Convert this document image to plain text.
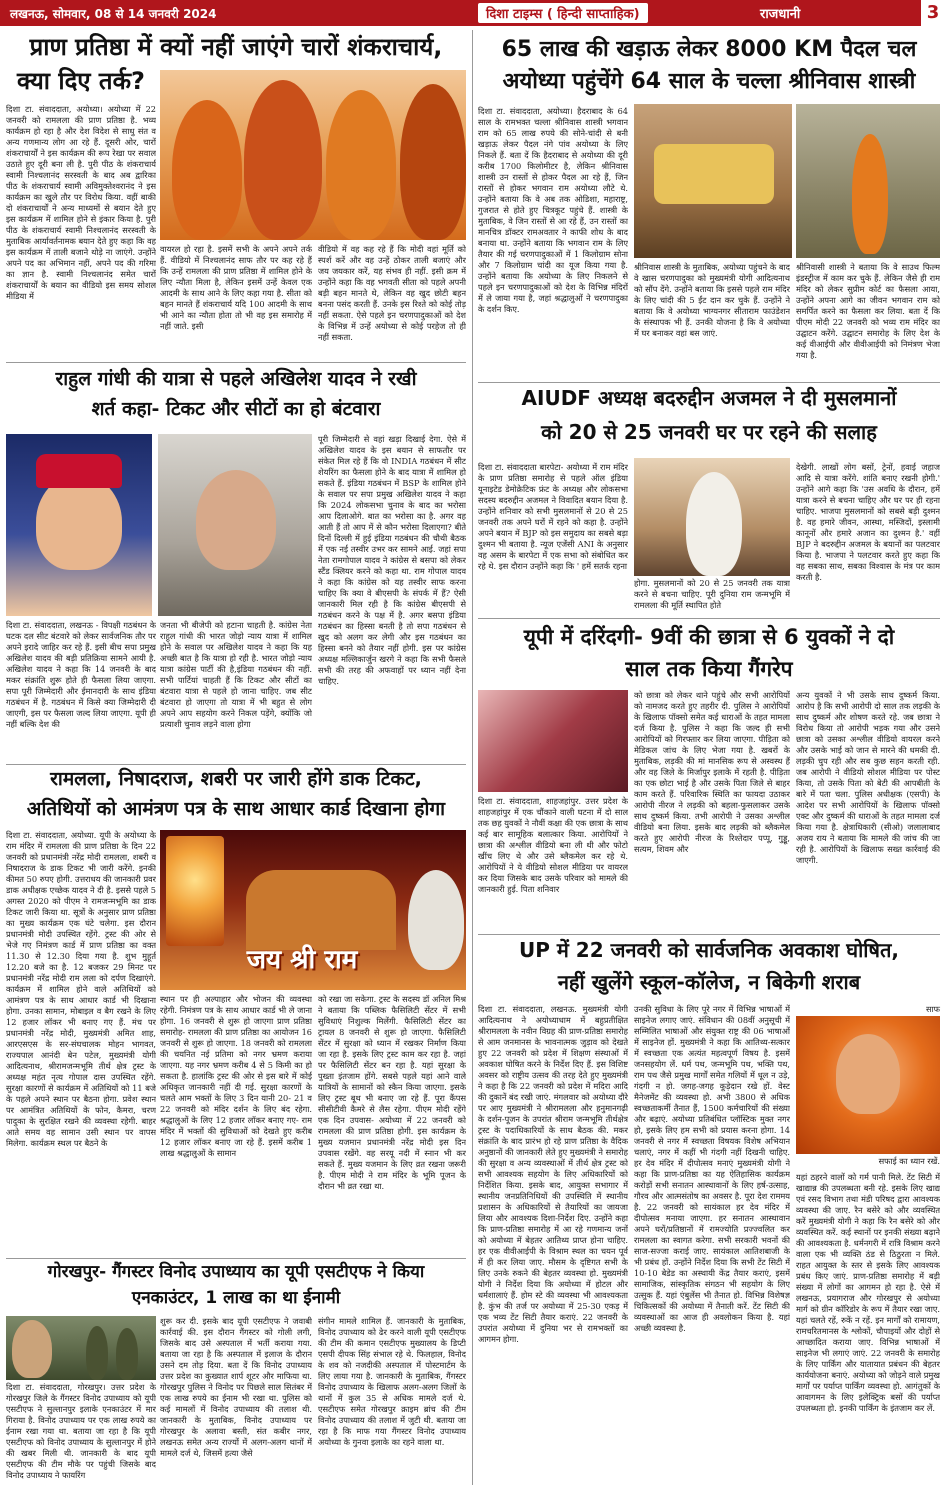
लखनऊ, सोमवार, 08 से 14 जनवरी 2024	दिशा टाइम्स ( हिन्दी साप्ताहिक)	राजधानी	3
प्राण प्रतिष्ठा में क्यों नहीं जाएंगे चारों शंकराचार्य,
क्या दिए तर्क?
दिशा टा. संवाददाता, अयोध्या। अयोध्या में 22 जनवरी को रामलला की प्राण प्रतिष्ठा है. भव्य कार्यक्रम हो रहा है और देश विदेश से साधु संत व अन्य गणमान्य लोग आ रहे हैं. दूसरी ओर, चारों शंकराचार्यों ने इस कार्यक्रम की रूप रेखा पर सवाल उठाते हुए दूरी बना ली है. पुरी पीठ के शंकराचार्य स्वामी निश्चलानंद सरस्वती के बाद अब द्वारिका पीठ के शंकराचार्य स्वामी अविमुक्तेश्वरानंद ने इस कार्यक्रम का खुले तौर पर विरोध किया. वहीं बाकी दो शंकराचार्यों ने अन्य माध्यमों से बयान देते हुए इस कार्यक्रम में शामिल होने से इंकार किया है. पुरी पीठ के शंकराचार्य स्वामी निश्चलानंद सरस्वती के मुताबिक आर्यावर्तनामक बयान देते हुए कहा कि वह इस कार्यक्रम में ताली बजाने थोड़े ना जाएंगे. उन्होंने अपने पद का अभिमान नहीं, अपने पद की गरिमा का ज्ञान है. स्वामी निश्चलानंद समेत चारों शंकराचार्यों के बयान का वीडियो इस समय सोशल मीडिया में
वायरल हो रहा है. इसमें सभी के अपने अपने तर्क हैं. वीडियो में निश्चलानंद साफ तौर पर कह रहे हैं कि उन्हें रामलला की प्राण प्रतिष्ठा में शामिल होने के लिए न्यौता मिला है, लेकिन इसमें उन्हें केवल एक आदमी के साथ आने के लिए कहा गया है. सीता को बहन मानते हैं शंकराचार्य यदि 100 आदमी के साथ भी आने का न्यौता होता तो भी वह इस समारोह में नहीं जाते. इसी
वीडियो में वह कह रहे हैं कि मोदी वहां मूर्ति को स्पर्श करें और वह उन्हें ठोकर ताली बजाएं और जय जयकार करें, यह संभव ही नहीं. इसी क्रम में उन्होंने कहा कि वह भगवती सीता को पहले अपनी बड़ी बहन मानते थे, लेकिन वह खुद छोटी बहन बनना पसंद करती हैं. उनके इस रिश्ते को कोई तोड़ नहीं सकता. ऐसे पहले इन चरणपादुकाओं को देश के विभिन्न में उन्हें अयोध्या से कोई परहेज तो ही नहीं सकता.
65 लाख की खड़ाऊ लेकर 8000 KM पैदल चल
अयोध्या पहुंचेंगे 64 साल के चल्ला श्रीनिवास शास्त्री
दिशा टा. संवाददाता, अयोध्या। हैदराबाद के 64 साल के रामभक्त चल्ला श्रीनिवास शास्त्री भगवान राम को 65 लाख रुपये की सोने-चांदी से बनी खड़ाऊ लेकर पैदल नंगे पांव अयोध्या के लिए निकले हैं. बता दें कि हैदराबाद से अयोध्या की दूरी करीब 1700 किलोमीटर है, लेकिन श्रीनिवास शास्त्री उन रास्तों से होकर पैदल आ रहे हैं, जिन रास्तों से होकर भगवान राम अयोध्या लौटे थे. उन्होंने बताया कि वे अब तक ओडिशा, महाराष्ट्र, गुजरात से होते हुए चित्रकूट पहुंचे हैं. शास्त्री के मुताबिक, वे जिन रास्तों से आ रहे हैं, उन रास्तों का मानचित्र डॉक्टर रामअवतार ने काफी शोध के बाद बनाया था. उन्होंने बताया कि भगवान राम के लिए तैयार की गई चरणपादुकाओं में 1 किलोग्राम सोना और 7 किलोग्राम चांदी का यूज किया गया है. उन्होंने बताया कि अयोध्या के लिए निकलने से पहले इन चरणपादुकाओं को देश के विभिन्न मंदिरों में ले जाया गया है, जहां श्रद्धालुओं ने चरणपादुका के दर्शन किए.
श्रीनिवास शास्त्री के मुताबिक, अयोध्या पहुंचने के बाद वे खास चरणपादुका को मुख्यमंत्री योगी आदित्यनाथ को सौंप देंगे. उन्होंने बताया कि इससे पहले राम मंदिर के लिए चांदी की 5 ईंट दान कर चुके हैं. उन्होंने ने बताया कि वे अयोध्या भाग्यनगर सीताराम फाउंडेशन के संस्थापक भी हैं. उनकी योजना है कि वे अयोध्या में घर बनाकर वहां बस जाएं.
श्रीनिवासी शास्त्री ने बताया कि वे साउथ फिल्म इंडस्ट्रीज में काम कर चुके हैं. लेकिन जैसे ही राम मंदिर को लेकर सुप्रीम कोर्ट का फैसला आया, उन्होंने अपना आगे का जीवन भगवान राम को समर्पित करने का फैसला कर लिया. बता दें कि पीएम मोदी 22 जनवरी को भव्य राम मंदिर का उद्घाटन करेंगे. उद्घाटन समारोह के लिए देश के कई वीआईपी और वीवीआईपी को निमंत्रण भेजा गया है.
राहुल गांधी की यात्रा से पहले अखिलेश यादव ने रखी
शर्त कहा- टिकट और सीटों का हो बंटवारा
दिशा टा. संवाददाता, लखनऊ - विपक्षी गठबंधन के घटक दल सीट बंटवारे को लेकर सार्वजनिक तौर पर अपने इरादे जाहिर कर रहे हैं. इसी बीच सपा प्रमुख अखिलेश यादव की बड़ी प्रतिक्रिया सामने आयी है. अखिलेश यादव ने कहा कि 14 जनवरी के बाद मकर संक्रांति शुरू होते ही फैसला लिया जाएगा. सपा पूरी जिम्मेदारी और ईमानदारी के साथ इंडिया गठबंधन में है. गठबंधन में किसे क्या जिम्मेदारी दी जाएगी, इस पर फैसला जल्द लिया जाएगा. यूपी ही नहीं बल्कि देश की
जनता भी बीजेपी को हटाना चाहती है. कांग्रेस नेता राहुल गांधी की भारत जोड़ो न्याय यात्रा में शामिल होने के सवाल पर अखिलेश यादव ने कहा कि यह अच्छी बात है कि यात्रा हो रही है. भारत जोड़ो न्याय यात्रा कांग्रेस पार्टी की है,इंडिया गठबंधन की नहीं. सभी पार्टियां चाहती हैं कि टिकट और सीटों का बंटवारा यात्रा से पहले हो जाना चाहिए. जब सीट बंटवारा हो जाएगा तो यात्रा में भी बहुत से लोग अपने आप सहयोग करने निकल पड़ेंगे, क्योंकि जो प्रत्याशी चुनाव लड़ने वाला होगा
पूरी जिम्मेदारी से वहां खड़ा दिखाई देगा. ऐसे में अखिलेश यादव के इस बयान से साफतौर पर संकेत मिल रहे हैं कि वो INDIA गठबंधन में सीट शेयरिंग का फैसला होने के बाद यात्रा में शामिल हो सकते हैं. इंडिया गठबंधन में BSP के शामिल होने के सवाल पर सपा प्रमुख अखिलेश यादव ने कहा कि 2024 लोकसभा चुनाव के बाद का भरोसा आप दिलाओगे. बात का भरोसा का है. अगर वह आती हैं तो आप में से कौन भरोसा दिलाएगा? बीते दिनों दिल्ली में हुई इंडिया गठबंधन की चौथी बैठक में एक नई तस्वीर उभर कर सामने आई. जहां सपा नेता रामगोपाल यादव ने कांग्रेस से बसपा को लेकर स्टैंड क्लियर करने को कहा था. राम गोपाल यादव ने कहा कि कांग्रेस को यह तस्वीर साफ करना चाहिए कि क्या वे बीएसपी के संपर्क में हैं? ऐसी जानकारी मिल रही है कि कांग्रेस बीएसपी से गठबंधन करने के पक्ष में है. अगर बसपा इंडिया गठबंधन का हिस्सा बनती है तो सपा गठबंधन से खुद को अलग कर लेगी और इस गठबंधन का हिस्सा बनने को तैयार नहीं होगी. इस पर कांग्रेस अध्यक्ष मल्लिकार्जुन खरगे ने कहा कि सभी फैसले सभी की तरह की अफवाहों पर ध्यान नहीं देना चाहिए.
AIUDF अध्यक्ष बदरुद्दीन अजमल ने दी मुसलमानों
को 20 से 25 जनवरी घर पर रहने की सलाह
दिशा टा. संवाददाता बारपेटा- अयोध्या में राम मंदिर के प्राण प्रतिष्ठा समारोह से पहले ऑल इंडिया यूनाइटेड डेमोक्रेटिक फ्रंट के अध्यक्ष और लोकसभा सदस्य बदरुद्दीन अजमल ने विवादित बयान दिया है. उन्होंने शनिवार को सभी मुसलमानों से 20 से 25 जनवरी तक अपने घरों में रहने को कहा है. उन्होंने अपने बयान में BJP को इस समुदाय का सबसे बड़ा दुश्मन भी बताया है. न्यूज एजेंसी ANI के अनुसार वह असम के बारपेटा में एक सभा को संबोधित कर रहे थे. इस दौरान उन्होंने कहा कि ' हमें सतर्क रहना
होगा. मुसलमानों को 20 से 25 जनवरी तक यात्रा करने से बचना चाहिए. पूरी दुनिया राम जन्मभूमि में रामलला की मूर्ति स्थापित होते
देखेगी. लाखों लोग बसों, ट्रेनों, हवाई जहाज आदि से यात्रा करेंगे. शांति बनाए रखनी होगी.' उन्होंने आगे कहा कि 'उस अवधि के दौरान, हमें यात्रा करने से बचना चाहिए और घर पर ही रहना चाहिए. भाजपा मुसलमानों को सबसे बड़ी दुश्मन है. वह हमारे जीवन, आस्था, मस्जिदों, इस्लामी कानूनों और हमारे अजान का दुश्मन है.' वहीं BJP ने बदरुद्दीन अजमल के बयानों का पलटवार किया है. भाजपा ने पलटवार करते हुए कहा कि वह सबका साथ, सबका विश्वास के मंत्र पर काम करती है.
यूपी में दरिंदगी- 9वीं की छात्रा से 6 युवकों ने दो
साल तक किया गैंगरेप
दिशा टा. संवाददाता, शाहजहांपुर. उत्तर प्रदेश के शाहजहांपुर में एक चौंकाने वाली घटना में दो साल तक छह युवकों ने नौवीं कक्षा की एक छात्रा के साथ कई बार सामूहिक बलात्कार किया. आरोपियों ने छात्रा की अश्लील वीडियो बना ली थी और फोटो खींच लिए थे और उसे ब्लैकमेल कर रहे थे. आरोपियों ने ये वीडियो सोशल मीडिया पर वायरल कर दिया जिसके बाद उसके परिवार को मामले की जानकारी हुई. पिता शनिवार
को छात्रा को लेकर थाने पहुंचे और सभी आरोपियों को नामजद करते हुए तहरीर दी. पुलिस ने आरोपियों के खिलाफ पॉक्सो समेत कई धाराओं के तहत मामला दर्ज किया है. पुलिस ने कहा कि जल्द ही सभी आरोपियों को गिरफ्तार कर लिया जाएगा. पीड़िता को मेडिकल जांच के लिए भेजा गया है. खबरों के मुताबिक, लड़की की मां मानसिक रूप से अस्वस्थ हैं और वह जिले के मिर्जापुर इलाके में रहती है. पीड़िता का एक छोटा भाई है और उसके पिता जिले से बाहर काम करते हैं. परिवारिक स्थिति का फायदा उठाकर आरोपी नीरज ने लड़की को बहला-फुसलाकर उसके साथ दुष्कर्म किया. तभी आरोपी ने उसका अश्लील वीडियो बना लिया. इसके बाद लड़की को ब्लैकमेल करते हुए आरोपी नीरज के रिश्तेदार पप्पू, गुड्डू, सत्यम, शिवम और
अन्य युवकों ने भी उसके साथ दुष्कर्म किया. आरोप है कि सभी आरोपी दो साल तक लड़की के साथ दुष्कर्म और शोषण करते रहे. जब छात्रा ने विरोध किया तो आरोपी भड़क गया और उसने छात्रा को उसका अश्लील वीडियो वायरल करने और उसके भाई को जान से मारने की धमकी दी. लड़की चुप रही और सब कुछ सहन करती रही. जब आरोपी ने वीडियो सोशल मीडिया पर पोस्ट किया, तो उसके पिता को बेटी की आपबीती के बारे में पता चला. पुलिस अधीक्षक (एसपी) के आदेश पर सभी आरोपियों के खिलाफ पॉक्सो एक्ट और दुष्कर्म की धाराओं के तहत मामला दर्ज किया गया है. क्षेत्राधिकारी (सीओ) जलालाबाद अजय राय ने बताया कि मामले की जांच की जा रही है. आरोपियों के खिलाफ सख्त कार्रवाई की जाएगी.
रामलला, निषादराज, शबरी पर जारी होंगे डाक टिकट,
अतिथियों को आमंत्रण पत्र के साथ आधार कार्ड दिखाना होगा
दिशा टा. संवाददाता, अयोध्या. यूपी के अयोध्या के राम मंदिर में रामलला की प्राण प्रतिष्ठा के दिन 22 जनवरी को प्रधानमंत्री नरेंद्र मोदी रामलला, शबरी व निषादराज के डाक टिकट भी जारी करेंगे. इनकी कीमत 50 रुपए होगी. उत्तराधय की जानकारी प्रवर डाक अधीक्षक एच्छेक यादव ने दी है. इससे पहले 5 अगस्त 2020 को पीएम ने रामजन्मभूमि का डाक टिकट जारी किया था. सूत्रों के अनुसार प्राण प्रतिष्ठा का मुख्य कार्यक्रम एक घंटे चलेगा. इस दौरान प्रधानमंत्री मोदी उपस्थित रहेंगे. ट्रस्ट की ओर से भेजे गए निमंत्रण कार्ड में प्राण प्रतिष्ठा का वक्त 11.30 से 12.30 दिया गया है. शुभ मुहूर्त 12.20 बजे का है. 12 बजकर 29 मिनट पर प्रधानमंत्री नरेंद्र मोदी राम लला को दर्पण दिखाएंगे. कार्यक्रम में शामिल होने वाले अतिथियों को आमंत्रण पत्र के साथ आधार कार्ड भी दिखाना होगा. उनका सामान, मोबाइल व बैग रखने के लिए 12 हजार लॉकर भी बनाए गए हैं. मंच पर प्रधानमंत्री नरेंद्र मोदी, मुख्यमंत्री अमित शाह, आरएसएस के सर-संघचालक मोहन भागवत, राज्यपाल आनंदी बेन पटेल, मुख्यमंत्री योगी आदित्यनाथ, श्रीरामजन्मभूमि तीर्थ क्षेत्र ट्रस्ट के अध्यक्ष महंत नृत्य गोपाल दास उपस्थित रहेंगे. सुरक्षा कारणों से कार्यक्रम में अतिथियों को 11 बजे के पहले अपने स्थान पर बैठना होगा. प्रवेश स्थान पर आमंत्रित अतिथियों के फोन, कैमरा, चरण पादुका के सुरक्षित रखने की व्यवस्था रहेगी. बाहर आते समय वह सामान उसी स्थान पर वापस मिलेगा. कार्यक्रम स्थल पर बैठने के
जय श्री राम
स्थान पर ही अल्पाहार और भोजन की व्यवस्था रहेगी. निमंत्रण पत्र के साथ आधार कार्ड भी ले जाना होगा. 16 जनवरी से शुरू हो जाएगा प्राण प्रतिष्ठा समारोह- रामलला की प्राण प्रतिष्ठा का आयोजन 16 जनवरी से शुरू हो जाएगा. 18 जनवरी को रामलला की चयनित नई प्रतिमा को नगर भ्रमण कराया जाएगा. यह नगर भ्रमण करीब 4 से 5 किमी का हो सकता है. हालांकि ट्रस्ट की ओर से इस बारे में कोई अधिकृत जानकारी नहीं दी गई. सुरक्षा कारणों के चलते आम भक्तों के लिए 3 दिन यानी 20- 21 व 22 जनवरी को मंदिर दर्शन के लिए बंद रहेगा. श्रद्धालुओं के लिए 12 हजार लॉकर बनाए गए- राम मंदिर में भक्तों की सुविधाओं को देखते हुए करीब 12 हजार लॉकर बनाए जा रहे हैं. इसमें करीब 1 लाख श्रद्धालुओं के सामान
को रखा जा सकेगा. ट्रस्ट के सदस्य डॉ अनिल मिश्र ने बताया कि पब्लिक फैसिलिटी सेंटर में सभी सुविधाएं निशुल्क मिलेंगी. फैसिलिटी सेंटर का ट्रायल 8 जनवरी से शुरू हो जाएगा. फैसिलिटी सेंटर में सुरक्षा को ध्यान में रखकर निर्माण किया जा रहा है. इसके लिए ट्रस्ट काम कर रहा है. जहां पर फैसिलिटी सेंटर बन रहा है. यहां सुरक्षा के पुख्ता इंतजाम होंगे. सबसे पहले यहां आने वाले यात्रियों के सामानों को स्कैन किया जाएगा. इसके लिए ट्रस्ट बूथ भी बनाए जा रहे हैं. पूरा कैंपस सीसीटीवी कैमरे से लैस रहेगा. पीएम मोदी रहेंगे एक दिन उपवास- अयोध्या में 22 जनवरी को रामलला की प्राण प्रतिष्ठा होगी. इस कार्यक्रम के मुख्य यजमान प्रधानमंत्री नरेंद्र मोदी इस दिन उपवास रखेंगे. वह सरयू नदी में स्नान भी कर सकते हैं. मुख्य यजमान के लिए व्रत रखना जरूरी है. पीएम मोदी ने राम मंदिर के भूमि पूजन के दौरान भी व्रत रखा था.
UP में 22 जनवरी को सार्वजनिक अवकाश घोषित,
नहीं खुलेंगे स्कूल-कॉलेज, न बिकेगी शराब
दिशा टा. संवाददाता, लखनऊ. मुख्यमंत्री योगी आदित्यनाथ ने अयोध्याधाम में बहुप्रतीक्षित श्रीरामलला के नवीन विग्रह की प्राण-प्रतिष्ठा समारोह से आम जनमानस के भावनात्मक जुड़ाव को देखते हुए 22 जनवरी को प्रदेश में शिक्षण संस्थाओं में अवकाश घोषित करने के निर्देश दिए हैं. इस विशिष्ट अवसर को राष्ट्रीय उत्सव की तरह देते हुए मुख्यमंत्री ने कहा है कि 22 जनवरी को प्रदेश में मदिरा आदि की दुकानें बंद रखी जाएं. मंगलवार को अयोध्या दौरे पर आए मुख्यमंत्री ने श्रीरामलला और हनुमानगढ़ी के दर्शन-पूजन के उपरांत श्रीराम जन्मभूमि तीर्थक्षेत्र ट्रस्ट के पदाधिकारियों के साथ बैठक की. मकर संक्रांति के बाद प्रारंभ हो रहे प्राण प्रतिष्ठा के वैदिक अनुष्ठानों की जानकारी लेते हुए मुख्यमंत्री ने समारोह की सुरक्षा व अन्य व्यवस्थाओं में तीर्थ क्षेत्र ट्रस्ट को सभी आवश्यक सहयोग के लिए अधिकारियों को निर्देशित किया. इसके बाद, आयुक्त सभागार में स्थानीय जनप्रतिनिधियों की उपस्थिति में स्थानीय प्रशासन के अधिकारियों से तैयारियों का जायजा लिया और आवश्यक दिशा-निर्देश दिए. उन्होंने कहा कि प्राण-प्रतिष्ठा समारोह में आ रहे गणमान्य जनों को अयोध्या में बेहतर आतिथ्य प्राप्त होना चाहिए. हर एक वीवीआईपी के विश्राम स्थल का चयन पूर्व में ही कर लिया जाए. मौसम के दृष्टिगत सभी के लिए उनके रुकने की बेहतर व्यवस्था हो. मुख्यमंत्री योगी ने निर्देश दिया कि अयोध्या में होटल और धर्मशालाएं हैं. होम स्टे की व्यवस्था भी आवश्यकता है. कुंभ की तर्ज पर अयोध्या में 25-30 एकड़ में एक भव्य टेंट सिटी तैयार कराएं. 22 जनवरी के उपरांत अयोध्या में दुनिया भर से रामभक्तों का आगमन होगा.
उनकी सुविधा के लिए पूरे नगर में विभिन्न भाषाओं में साइनेज लगाए जाएं. संविधान की 08वीं अनुसूची में सम्मिलित भाषाओं और संयुक्त राष्ट्र की 06 भाषाओं में साइनेज हों. मुख्यमंत्री ने कहा कि आतिथ्य-सत्कार में स्वच्छता एक अत्यंत महत्वपूर्ण विषय है. इसमें जनसहयोग लें. धर्म पथ, जन्मभूमि पथ, भक्ति पथ, राम पथ जैसे प्रमुख मार्गों समेत गलियों में धूल न उड़े, गंदगी न हो. जगह-जगह कूड़ेदान रखे हों. वेस्ट मैनेजमेंट की व्यवस्था हो. अभी 3800 से अधिक स्वच्छताकर्मी तैनात हैं, 1500 कर्मचारियों की संख्या और बढ़ाएं. अयोध्या प्रतिबंधित प्लॉस्टिक मुक्त नगर हो, इसके लिए हम सभी को प्रयास करना होगा. 14 जनवरी से नगर में स्वच्छता विषयक विशेष अभियान चलाएं, नगर में कहीं भी गंदगी नहीं दिखनी चाहिए. हर देव मंदिर में दीपोत्सव मनाएं मुख्यमंत्री योगी ने कहा कि प्राण-प्रतिष्ठा का यह ऐतिहासिक कार्यक्रम करोड़ों सभी सनातन आस्थावानों के लिए हर्ष-उत्साह, गौरव और आत्मसंतोष का अवसर है. पूरा देश राममय है. 22 जनवरी को सायंकाल हर देव मंदिर में दीपोत्सव मनाया जाएगा. हर सनातन आस्थावान अपने घरों/प्रतिष्ठानों में रामज्योति प्रज्ज्वलित कर रामलला का स्वागत करेगा. सभी सरकारी भवनों की साज-सज्जा कराई जाए. सायंकाल आतिशबाजी के भी प्रबंध हों. उन्होंने निर्देश दिया कि सभी टेंट सिटी में 10-10 बेडेड का अस्थायी केंद्र तैयार कराएं, इसमें सामाजिक, सांस्कृतिक संगठन भी सहयोग के लिए उत्सुक हैं. यहां एंबुलेंस भी तैनात हो. विभिन्न विशेषज्ञ चिकित्सकों की अयोध्या में तैनाती करें. टेंट सिटी की व्यवस्थाओं का आज ही अवलोकन किया है. यहां अच्छी व्यवस्था है.
साफ
सफाई का ध्यान रखें.
यहां ठहरने वालों को गर्म पानी मिले. टेंट सिटी में खाद्यान्न की उपलब्धता बनी रहे. इसके लिए खाद्य एवं रसद विभाग तथा मंडी परिषद द्वारा आवश्यक व्यवस्था की जाए. रैन बसेरे को और व्यवस्थित करें मुख्यमंत्री योगी ने कहा कि रैन बसेरे को और व्यवस्थित करें. कई स्थानों पर इनकी संख्या बढ़ाने की आवश्यकता है. धर्मनगरी में रात्रि विश्राम करने वाला एक भी व्यक्ति ठंड से ठिठुरता न मिले. राहत आयुक्त के स्तर से इसके लिए आवश्यक प्रबंध किए जाएं. प्राण-प्रतिष्ठा समारोह में बड़ी संख्या में लोगों का आगमन हो रहा है. ऐसे में लखनऊ, प्रयागराज और गोरखपुर से अयोध्या मार्ग को ग्रीन कॉरिडोर के रूप में तैयार रखा जाए. यहां चलते रहें, रुकें न रहें. इन मार्गों को रामायण, रामचरितमानस के श्लोकों, चौपाइयों और दोहों से आच्छादित कराया जाए. विभिन्न भाषाओं में साइनेज भी लगाएं जाएं. 22 जनवरी के समारोह के लिए पार्किंग और यातायात प्रबंधन की बेहतर कार्ययोजना बनाएं. अयोध्या को जोड़ने वाले प्रमुख मार्गों पर पर्याप्त पार्किंग व्यवस्था हो. आगंतुकों के आवागमन के लिए इलेक्ट्रिक बसों की पर्याप्त उपलब्धता हो. इनकी पार्किंग के इंतजाम कर लें.
गोरखपुर- गैंगस्टर विनोद उपाध्याय का यूपी एसटीएफ ने किया
एनकाउंटर, 1 लाख का था ईनामी
दिशा टा. संवाददाता, गोरखपुर। उत्तर प्रदेश के गोरखपुर जिले के गैंगस्टर विनोद उपाध्याय को यूपी एसटीएफ ने सुल्तानपुर इलाके एनकाउंटर में मार गिराया है. विनोद उपाध्याय पर एक लाख रुपये का ईनाम रखा गया था. बताया जा रहा है कि यूपी एसटीएफ को विनोद उपाध्याय के सुल्तानपुर में होने की खबर मिली थी. जानकारी के बाद यूपी एसटीएफ की टीम मौके पर पहुंची जिसके बाद विनोद उपाध्याय ने फायरिंग
शुरू कर दी. इसके बाद यूपी एसटीएफ ने जवाबी कार्रवाई की. इस दौरान गैंगस्टर को गोली लगी, जिसके बाद उसे अस्पताल में भर्ती कराया गया. बताया जा रहा है कि अस्पताल में इलाज के दौरान उसने दम तोड़ दिया. बता दें कि विनोद उपाध्याय उत्तर प्रदेश का कुख्यात शार्प शूटर और माफिया था. गोरखपुर पुलिस ने विनोद पर पिछले साल सितंबर में एक लाख रुपये का ईनाम भी रखा था. पुलिस को कई मामलों में विनोद उपाध्याय की तलाश थी. जानकारी के मुताबिक, विनोद उपाध्याय पर गोरखपुर के अलावा बस्ती, संत कबीर नगर, लखनऊ समेत अन्य राज्यों में अलग-अलग थानों में मामले दर्ज थे, जिसमें हत्या जैसे
संगीन मामले शामिल हैं. जानकारी के मुताबिक, विनोद उपाध्याय को ढेर करने वाली यूपी एसटीएफ की टीम की कमान एसटीएफ मुख्यालय के डिप्टी एसपी दीपक सिंह संभाल रहे थे. फिलहाल, विनोद के शव को नजदीकी अस्पताल में पोस्टमार्टम के लिए लाया गया है. जानकारी के मुताबिक, गैंगस्टर विनोद उपाध्याय के खिलाफ अलग-अलग जिलों के थानों में कुल 35 से अधिक मामले दर्ज थे. एसटीएफ समेत गोरखपुर क्राइम ब्रांच की टीम विनोद उपाध्याय की तलाश में जुटी थी. बताया जा रहा है कि माफ गया गैंगस्टर विनोद उपाध्याय अयोध्या के गुनवा इलाके का रहने वाला था.
